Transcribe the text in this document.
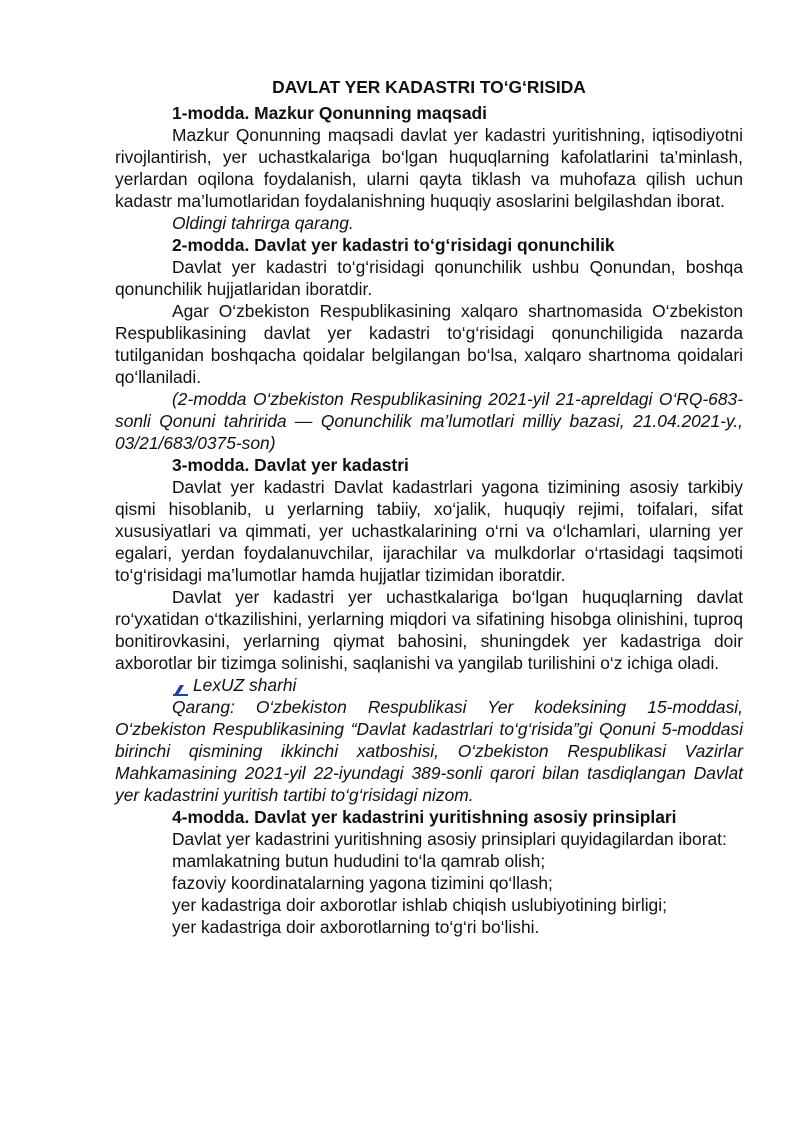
DAVLAT YER KADASTRI TO‘G‘RISIDA

1-modda. Mazkur Qonunning maqsadi

Mazkur Qonunning maqsadi davlat yer kadastri yuritishning, iqtisodiyotni rivojlantirish, yer uchastkalariga bo‘lgan huquqlarning kafolatlarini ta’minlash, yerlardan oqilona foydalanish, ularni qayta tiklash va muhofaza qilish uchun kadastr ma’lumotlaridan foydalanishning huquqiy asoslarini belgilashdan iborat.

Oldingi tahrirga qarang.

2-modda. Davlat yer kadastri to‘g‘risidagi qonunchilik

Davlat yer kadastri to‘g‘risidagi qonunchilik ushbu Qonundan, boshqa qonunchilik hujjatlaridan iboratdir.

Agar O‘zbekiston Respublikasining xalqaro shartnomasida O‘zbekiston Respublikasining davlat yer kadastri to‘g‘risidagi qonunchiligida nazarda tutilganidan boshqacha qoidalar belgilangan bo‘lsa, xalqaro shartnoma qoidalari qo‘llaniladi.

(2-modda O‘zbekiston Respublikasining 2021-yil 21-apreldagi O‘RQ-683-sonli Qonuni tahririda — Qonunchilik ma’lumotlari milliy bazasi, 21.04.2021-y., 03/21/683/0375-son)

3-modda. Davlat yer kadastri

Davlat yer kadastri Davlat kadastrlari yagona tizimining asosiy tarkibiy qismi hisoblanib, u yerlarning tabiiy, xo‘jalik, huquqiy rejimi, toifalari, sifat xususiyatlari va qimmati, yer uchastkalarining o‘rni va o‘lchamlari, ularning yer egalari, yerdan foydalanuvchilar, ijarachilar va mulkdorlar o‘rtasidagi taqsimoti to‘g‘risidagi ma’lumotlar hamda hujjatlar tizimidan iboratdir.

Davlat yer kadastri yer uchastkalariga bo‘lgan huquqlarning davlat ro‘yxatidan o‘tkazilishini, yerlarning miqdori va sifatining hisobga olinishini, tuproq bonitirovkasini, yerlarning qiymat bahosini, shuningdek yer kadastriga doir axborotlar bir tizimga solinishi, saqlanishi va yangilab turilishini o‘z ichiga oladi.

LexUZ sharhi

Qarang: O‘zbekiston Respublikasi Yer kodeksining 15-moddasi, O‘zbekiston Respublikasining “Davlat kadastrlari to‘g‘risida”gi Qonuni 5-moddasi birinchi qismining ikkinchi xatboshisi, O‘zbekiston Respublikasi Vazirlar Mahkamasining 2021-yil 22-iyundagi 389-sonli qarori bilan tasdiqlangan Davlat yer kadastrini yuritish tartibi to‘g‘risidagi nizom.

4-modda. Davlat yer kadastrini yuritishning asosiy prinsiplari

Davlat yer kadastrini yuritishning asosiy prinsiplari quyidagilardan iborat:

mamlakatning butun hududini to‘la qamrab olish;

fazoviy koordinatalarning yagona tizimini qo‘llash;

yer kadastriga doir axborotlar ishlab chiqish uslubiyotining birligi;

yer kadastriga doir axborotlarning to‘g‘ri bo‘lishi.
